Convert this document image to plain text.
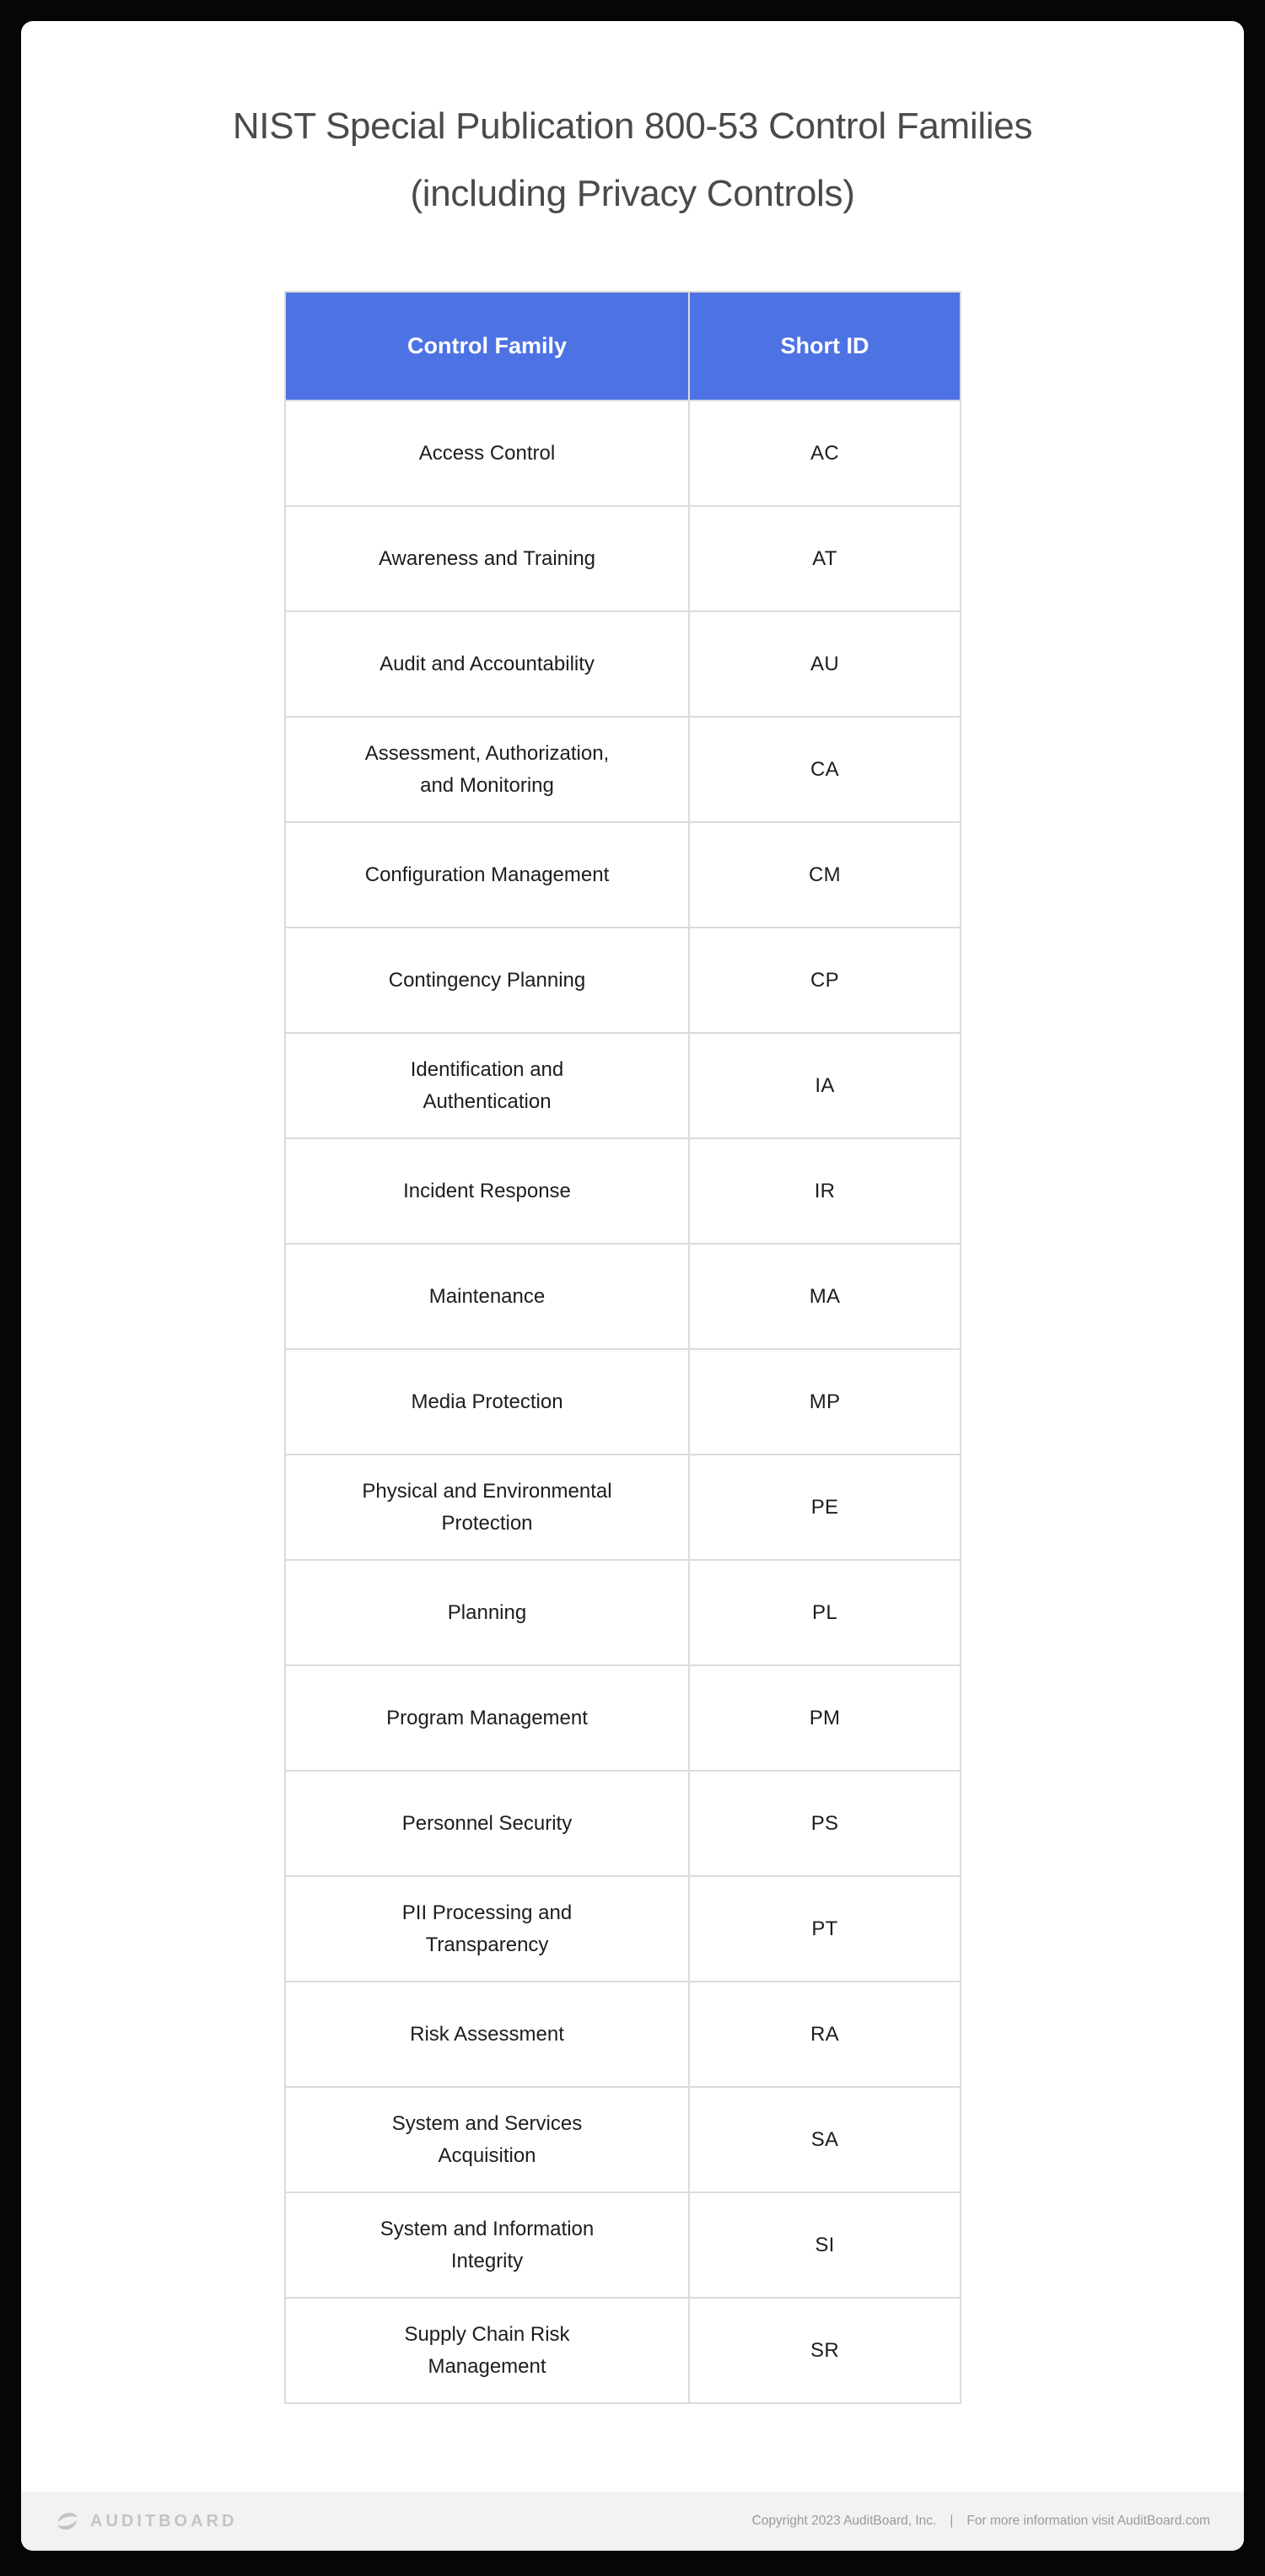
NIST Special Publication 800-53 Control Families
(including Privacy Controls)
Control Family	Short ID
Access Control	AC
Awareness and Training	AT
Audit and Accountability	AU
Assessment, Authorization, and Monitoring	CA
Configuration Management	CM
Contingency Planning	CP
Identification and Authentication	IA
Incident Response	IR
Maintenance	MA
Media Protection	MP
Physical and Environmental Protection	PE
Planning	PL
Program Management	PM
Personnel Security	PS
PII Processing and Transparency	PT
Risk Assessment	RA
System and Services Acquisition	SA
System and Information Integrity	SI
Supply Chain Risk Management	SR
AUDITBOARD	Copyright 2023 AuditBoard, Inc. | For more information visit AuditBoard.com
